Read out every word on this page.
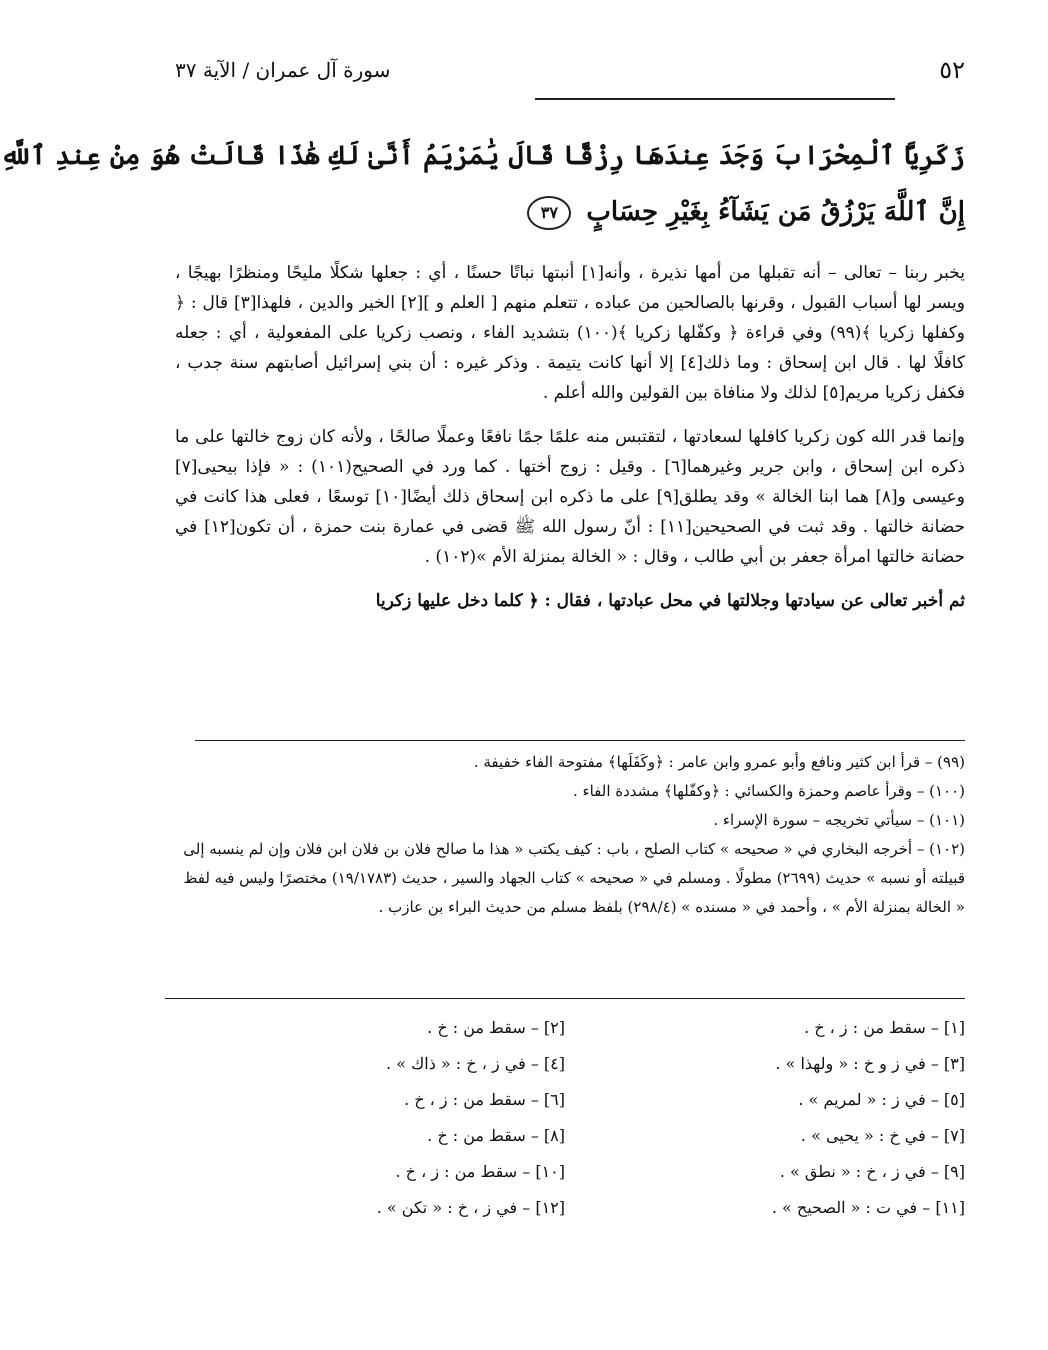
٥٢
سورة آل عمران / الآية ٣٧
زَكَرِيَّا ٱلْمِحْرَابَ وَجَدَ عِندَهَا رِزْقًا قَالَ يَٰمَرْيَمُ أَنَّىٰ لَكِ هَٰذَا قَالَتْ هُوَ مِنْ عِندِ ٱللَّهِ
إِنَّ ٱللَّهَ يَرْزُقُ مَن يَشَآءُ بِغَيْرِ حِسَابٍ ٣٧

يخبر ربنا – تعالى – أنه تقبلها من أمها نذيرة ، وأنه[١] أنبتها نباتًا حسنًا ، أي : جعلها شكلًا مليحًا ومنظرًا بهيجًا ، ويسر لها أسباب القبول ، وقرنها بالصالحين من عباده ، تتعلم منهم [ العلم و ][٢] الخير والدين ، فلهذا[٣] قال : ﴿ وكفلها زكريا ﴾(٩٩) وفي قراءة ﴿ وكفّلها زكريا ﴾(١٠٠) بتشديد الفاء ، ونصب زكريا على المفعولية ، أي : جعله كافلًا لها . قال ابن إسحاق : وما ذلك[٤] إلا أنها كانت يتيمة . وذكر غيره : أن بني إسرائيل أصابتهم سنة جدب ، فكفل زكريا مريم[٥] لذلك ولا منافاة بين القولين والله أعلم .

وإنما قدر الله كون زكريا كافلها لسعادتها ، لتقتبس منه علمًا جمًا نافعًا وعملًا صالحًا ، ولأنه كان زوج خالتها على ما ذكره ابن إسحاق ، وابن جرير وغيرهما[٦] . وقيل : زوج أختها . كما ورد في الصحيح(١٠١) : « فإذا بيحيى[٧] وعيسى و[٨] هما ابنا الخالة » وقد يطلق[٩] على ما ذكره ابن إسحاق ذلك أيضًا[١٠] توسعًا ، فعلى هذا كانت في حضانة خالتها . وقد ثبت في الصحيحين[١١] : أنّ رسول الله ﷺ قضى في عمارة بنت حمزة ، أن تكون[١٢] في حضانة خالتها امرأة جعفر بن أبي طالب ، وقال : « الخالة بمنزلة الأم »(١٠٢) .

ثم أخبر تعالى عن سيادتها وجلالتها في محل عبادتها ، فقال : ﴿ كلما دخل عليها زكريا

(٩٩) – قرأ ابن كثير ونافع وأبو عمرو وابن عامر : ﴿وكَفَلَها﴾ مفتوحة الفاء خفيفة .

(١٠٠) – وقرأ عاصم وحمزة والكسائي : ﴿وكفّلها﴾ مشددة الفاء .

(١٠١) – سيأتي تخريجه – سورة الإسراء .

(١٠٢) – أخرجه البخاري في « صحيحه » كتاب الصلح ، باب : كيف يكتب « هذا ما صالح فلان بن فلان ابن فلان وإن لم ينسبه إلى قبيلته أو نسبه » حديث (٢٦٩٩) مطولًا . ومسلم في « صحيحه » كتاب الجهاد والسير ، حديث (١٩/١٧٨٣) مختصرًا وليس فيه لفظ « الخالة بمنزلة الأم » ، وأحمد في « مسنده » (٢٩٨/٤) بلفظ مسلم من حديث البراء بن عازب .

[١] – سقط من : ز ، خ .
[٢] – سقط من : خ .
[٣] – في ز و خ : « ولهذا » .
[٤] – في ز ، خ : « ذاك » .
[٥] – في ز : « لمريم » .
[٦] – سقط من : ز ، خ .
[٧] – في خ : « يحيى » .
[٨] – سقط من : خ .
[٩] – في ز ، خ : « نطق » .
[١٠] – سقط من : ز ، خ .
[١١] – في ت : « الصحيح » .
[١٢] – في ز ، خ : « تكن » .
